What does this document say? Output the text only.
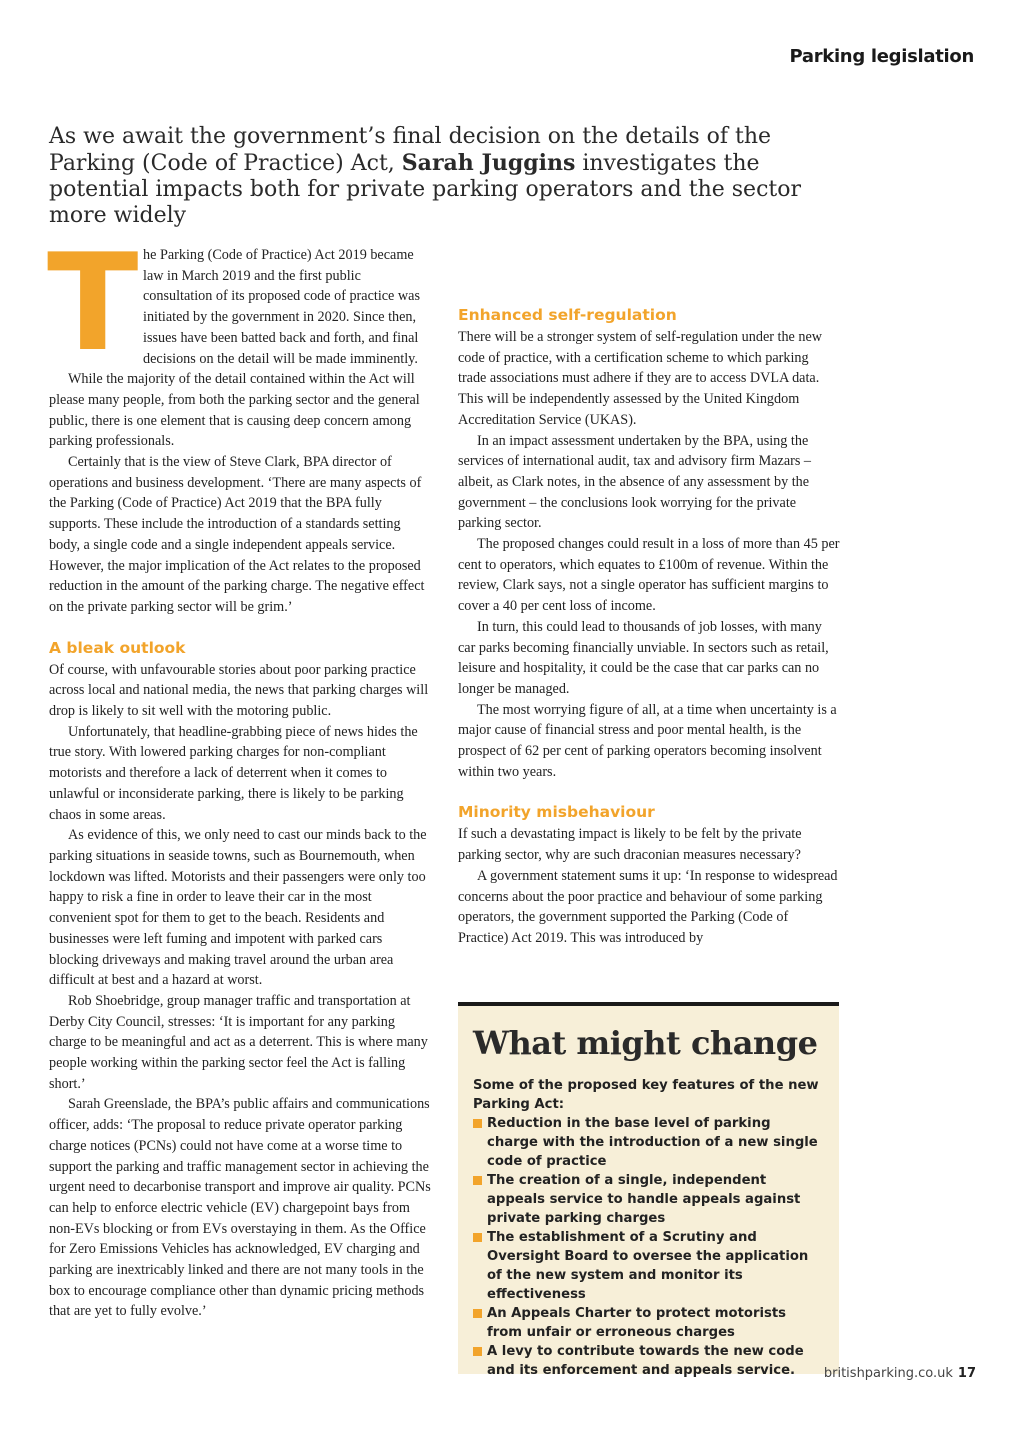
Parking legislation

As we await the government’s final decision on the details of the Parking (Code of Practice) Act, Sarah Juggins investigates the potential impacts both for private parking operators and the sector more widely

T he Parking (Code of Practice) Act 2019 became law in March 2019 and the first public consultation of its proposed code of practice was initiated by the government in 2020. Since then, issues have been batted back and forth, and final decisions on the detail will be made imminently.

While the majority of the detail contained within the Act will please many people, from both the parking sector and the general public, there is one element that is causing deep concern among parking professionals.

Certainly that is the view of Steve Clark, BPA director of operations and business development. ‘There are many aspects of the Parking (Code of Practice) Act 2019 that the BPA fully supports. These include the introduction of a standards setting body, a single code and a single independent appeals service. However, the major implication of the Act relates to the proposed reduction in the amount of the parking charge. The negative effect on the private parking sector will be grim.’

A bleak outlook

Of course, with unfavourable stories about poor parking practice across local and national media, the news that parking charges will drop is likely to sit well with the motoring public.

Unfortunately, that headline-grabbing piece of news hides the true story. With lowered parking charges for non-compliant motorists and therefore a lack of deterrent when it comes to unlawful or inconsiderate parking, there is likely to be parking chaos in some areas.

As evidence of this, we only need to cast our minds back to the parking situations in seaside towns, such as Bournemouth, when lockdown was lifted. Motorists and their passengers were only too happy to risk a fine in order to leave their car in the most convenient spot for them to get to the beach. Residents and businesses were left fuming and impotent with parked cars blocking driveways and making travel around the urban area difficult at best and a hazard at worst.

Rob Shoebridge, group manager traffic and transportation at Derby City Council, stresses: ‘It is important for any parking charge to be meaningful and act as a deterrent. This is where many people working within the parking sector feel the Act is falling short.’

Sarah Greenslade, the BPA’s public affairs and communications officer, adds: ‘The proposal to reduce private operator parking charge notices (PCNs) could not have come at a worse time to support the parking and traffic management sector in achieving the urgent need to decarbonise transport and improve air quality. PCNs can help to enforce electric vehicle (EV) chargepoint bays from non-EVs blocking or from EVs overstaying in them. As the Office for Zero Emissions Vehicles has acknowledged, EV charging and parking are inextricably linked and there are not many tools in the box to encourage compliance other than dynamic pricing methods that are yet to fully evolve.’

Enhanced self-regulation

There will be a stronger system of self-regulation under the new code of practice, with a certification scheme to which parking trade associations must adhere if they are to access DVLA data. This will be independently assessed by the United Kingdom Accreditation Service (UKAS).

In an impact assessment undertaken by the BPA, using the services of international audit, tax and advisory firm Mazars – albeit, as Clark notes, in the absence of any assessment by the government – the conclusions look worrying for the private parking sector.

The proposed changes could result in a loss of more than 45 per cent to operators, which equates to £100m of revenue. Within the review, Clark says, not a single operator has sufficient margins to cover a 40 per cent loss of income.

In turn, this could lead to thousands of job losses, with many car parks becoming financially unviable. In sectors such as retail, leisure and hospitality, it could be the case that car parks can no longer be managed.

The most worrying figure of all, at a time when uncertainty is a major cause of financial stress and poor mental health, is the prospect of 62 per cent of parking operators becoming insolvent within two years.

Minority misbehaviour

If such a devastating impact is likely to be felt by the private parking sector, why are such draconian measures necessary?

A government statement sums it up: ‘In response to widespread concerns about the poor practice and behaviour of some parking operators, the government supported the Parking (Code of Practice) Act 2019. This was introduced by

What might change

Some of the proposed key features of the new Parking Act:

Reduction in the base level of parking charge with the introduction of a new single code of practice
The creation of a single, independent appeals service to handle appeals against private parking charges
The establishment of a Scrutiny and Oversight Board to oversee the application of the new system and monitor its effectiveness
An Appeals Charter to protect motorists from unfair or erroneous charges
A levy to contribute towards the new code and its enforcement and appeals service.	britishparking.co.uk 17
